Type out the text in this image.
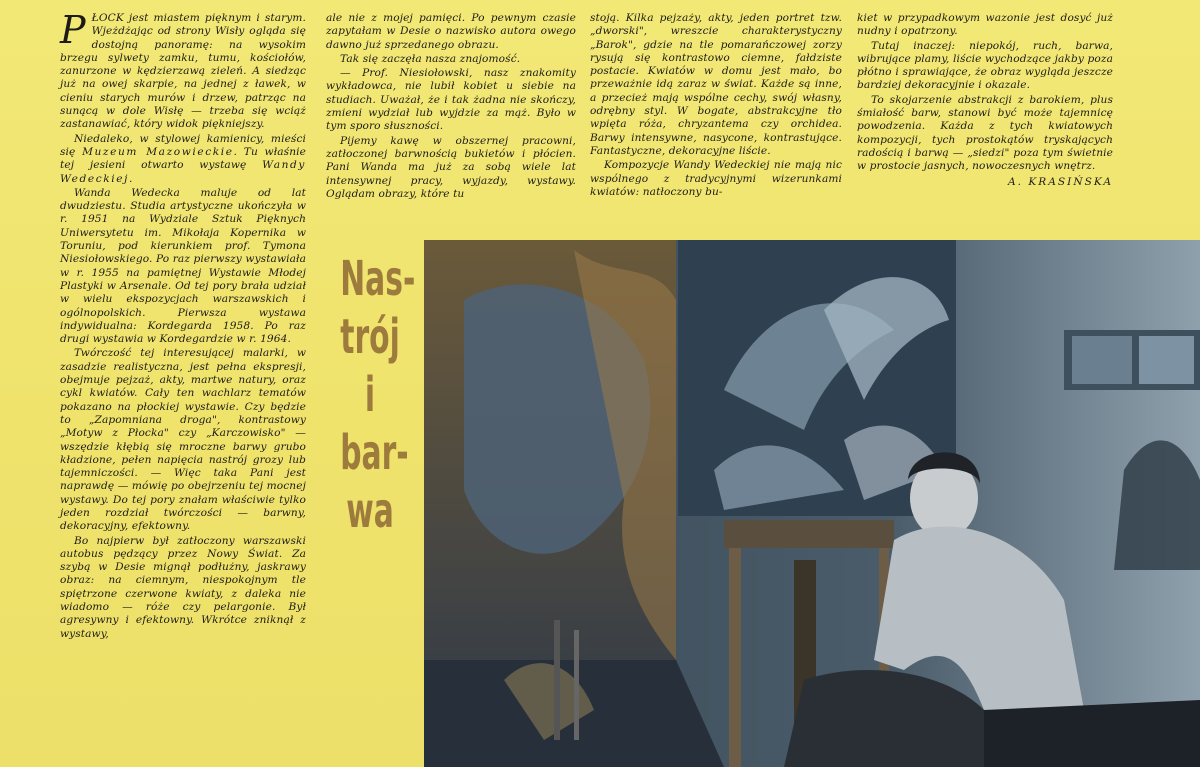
PŁOCK jest miastem pięknym i starym. Wjeżdżając od strony Wisły ogląda się dostojną panoramę: na wysokim brzegu sylwety zamku, tumu, kościołów, zanurzone w kędzierzawą zieleń. A siedząc już na owej skarpie, na jednej z ławek, w cieniu starych murów i drzew, patrząc na sunącą w dole Wisłę — trzeba się wciąż zastanawiać, który widok piękniejszy.

Niedaleko, w stylowej kamienicy, mieści się Muzeum Mazowieckie. Tu właśnie tej jesieni otwarto wystawę Wandy Wedeckiej.

Wanda Wedecka maluje od lat dwudziestu. Studia artystyczne ukończyła w r. 1951 na Wydziale Sztuk Pięknych Uniwersytetu im. Mikołaja Kopernika w Toruniu, pod kierunkiem prof. Tymona Niesiołowskiego. Po raz pierwszy wystawiała w r. 1955 na pamiętnej Wystawie Młodej Plastyki w Arsenale. Od tej pory brała udział w wielu ekspozycjach warszawskich i ogólnopolskich. Pierwsza wystawa indywidualna: Kordegarda 1958. Po raz drugi wystawia w Kordegardzie w r. 1964.

Twórczość tej interesującej malarki, w zasadzie realistyczna, jest pełna ekspresji, obejmuje pejzaż, akty, martwe natury, oraz cykl kwiatów. Cały ten wachlarz tematów pokazano na płockiej wystawie. Czy będzie to „Zapomniana droga", kontrastowy „Motyw z Płocka" czy „Karczowisko" — wszędzie kłębią się mroczne barwy grubo kładzione, pełen napięcia nastrój grozy lub tajemniczości. — Więc taka Pani jest naprawdę — mówię po obejrzeniu tej mocnej wystawy. Do tej pory znałam właściwie tylko jeden rozdział twórczości — barwny, dekoracyjny, efektowny.

Bo najpierw był zatłoczony warszawski autobus pędzący przez Nowy Świat. Za szybą w Desie mignął podłużny, jaskrawy obraz: na ciemnym, niespokojnym tle spiętrzone czerwone kwiaty, z daleka nie wiadomo — róże czy pelargonie. Był agresywny i efektowny. Wkrótce zniknął z wystawy,

ale nie z mojej pamięci. Po pewnym czasie zapytałam w Desie o nazwisko autora owego dawno już sprzedanego obrazu.

Tak się zaczęła nasza znajomość.

— Prof. Niesiołowski, nasz znakomity wykładowca, nie lubił kobiet u siebie na studiach. Uważał, że i tak żadna nie skończy, zmieni wydział lub wyjdzie za mąż. Było w tym sporo słuszności.

Pijemy kawę w obszernej pracowni, zatłoczonej barwnością bukietów i płócien. Pani Wanda ma już za sobą wiele lat intensywnej pracy, wyjazdy, wystawy. Oglądam obrazy, które tu

stoją. Kilka pejzaży, akty, jeden portret tzw. „dworski", wreszcie charakterystyczny „Barok", gdzie na tle pomarańczowej zorzy rysują się kontrastowo ciemne, fałdziste postacie. Kwiatów w domu jest mało, bo przeważnie idą zaraz w świat. Każde są inne, a przecież mają wspólne cechy, swój własny, odrębny styl. W bogate, abstrakcyjne tło wpięta róża, chryzantema czy orchidea. Barwy intensywne, nasycone, kontrastujące. Fantastyczne, dekoracyjne liście.

Kompozycje Wandy Wedeckiej nie mają nic wspólnego z tradycyjnymi wizerunkami kwiatów: natłoczony bu-

kiet w przypadkowym wazonie jest dosyć już nudny i opatrzony.

Tutaj inaczej: niepokój, ruch, barwa, wibrujące plamy, liście wychodzące jakby poza płótno i sprawiające, że obraz wygląda jeszcze bardziej dekoracyjnie i okazale.

To skojarzenie abstrakcji z barokiem, plus śmiałość barw, stanowi być może tajemnicę powodzenia. Każda z tych kwiatowych kompozycji, tych prostokątów tryskających radością i barwą — „siedzi" poza tym świetnie w prostocie jasnych, nowoczesnych wnętrz.

A. KRASIŃSKA
Nas-
trój
i
bar-
wa
